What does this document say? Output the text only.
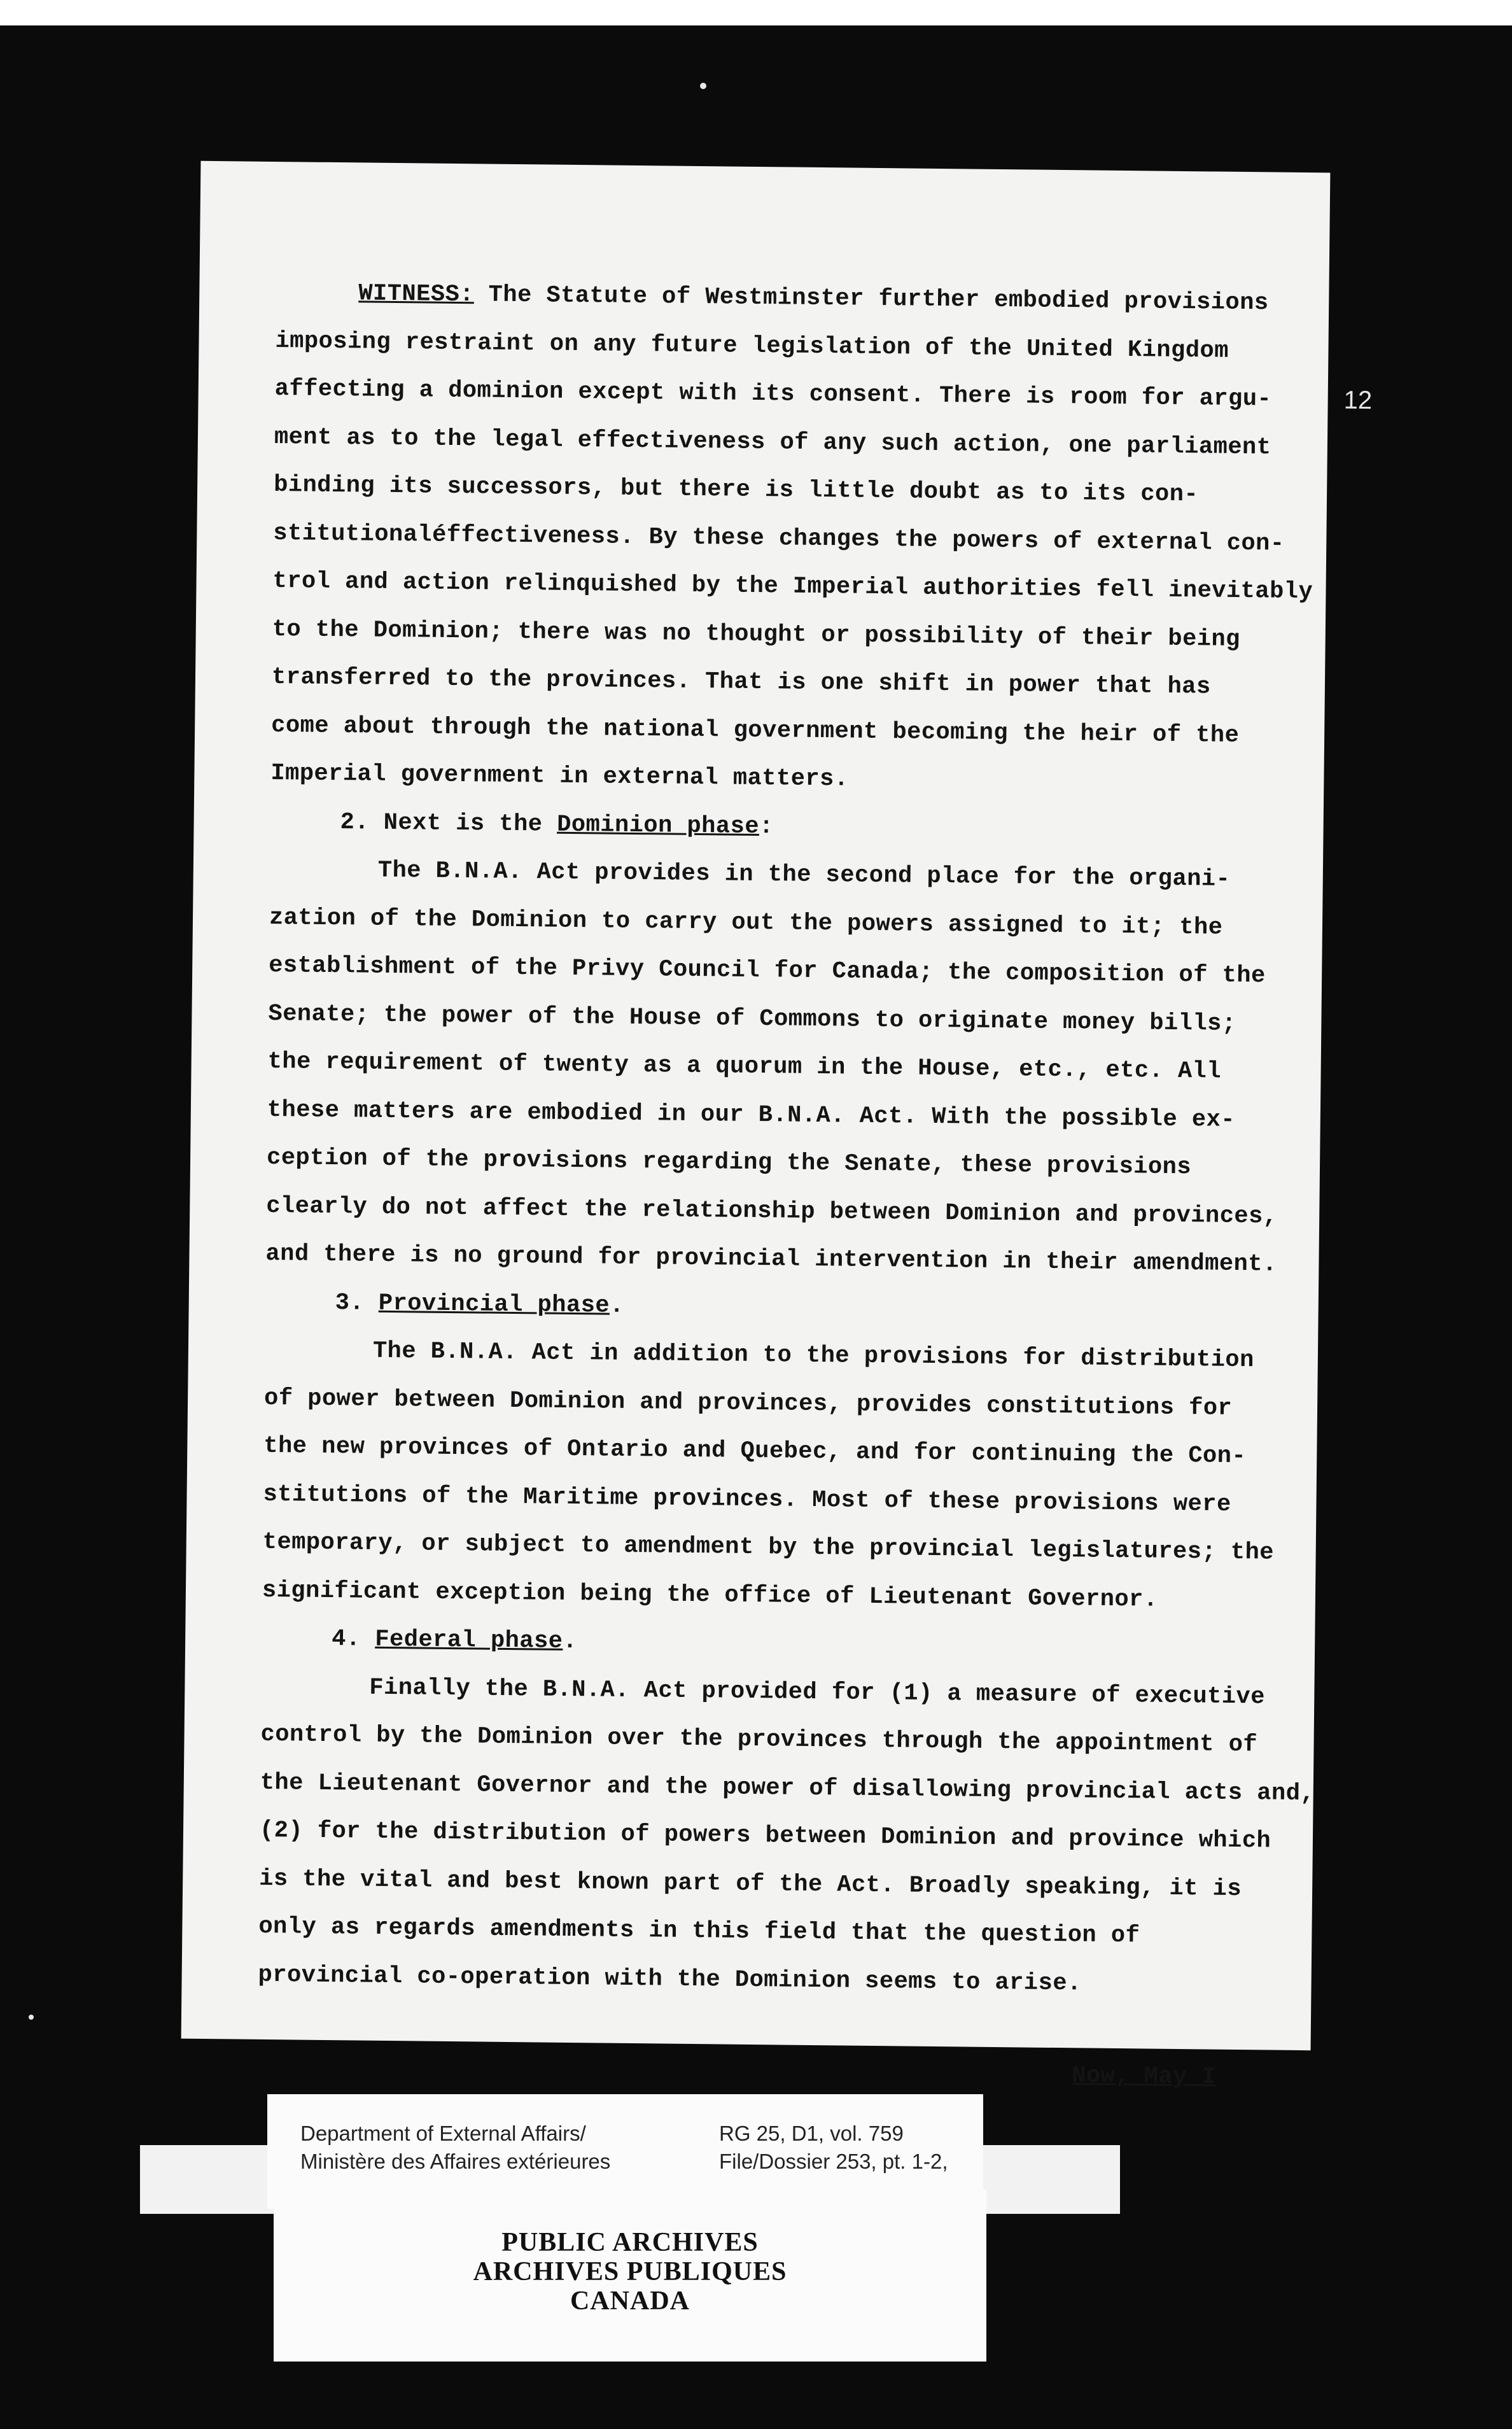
12
WITNESS: The Statute of Westminster further embodied provisions
imposing restraint on any future legislation of the United Kingdom
affecting a dominion except with its consent. There is room for argu-
ment as to the legal effectiveness of any such action, one parliament
binding its successors, but there is little doubt as to its con-
stitutionaléffectiveness. By these changes the powers of external con-
trol and action relinquished by the Imperial authorities fell inevitably
to the Dominion; there was no thought or possibility of their being
transferred to the provinces. That is one shift in power that has
come about through the national government becoming the heir of the
Imperial government in external matters.
2. Next is the Dominion phase:
The B.N.A. Act provides in the second place for the organi-
zation of the Dominion to carry out the powers assigned to it; the
establishment of the Privy Council for Canada; the composition of the
Senate; the power of the House of Commons to originate money bills;
the requirement of twenty as a quorum in the House, etc., etc. All
these matters are embodied in our B.N.A. Act. With the possible ex-
ception of the provisions regarding the Senate, these provisions
clearly do not affect the relationship between Dominion and provinces,
and there is no ground for provincial intervention in their amendment.
3. Provincial phase.
The B.N.A. Act in addition to the provisions for distribution
of power between Dominion and provinces, provides constitutions for
the new provinces of Ontario and Quebec, and for continuing the Con-
stitutions of the Maritime provinces. Most of these provisions were
temporary, or subject to amendment by the provincial legislatures; the
significant exception being the office of Lieutenant Governor.
4. Federal phase.
Finally the B.N.A. Act provided for (1) a measure of executive
control by the Dominion over the provinces through the appointment of
the Lieutenant Governor and the power of disallowing provincial acts and,
(2) for the distribution of powers between Dominion and province which
is the vital and best known part of the Act. Broadly speaking, it is
only as regards amendments in this field that the question of
provincial co-operation with the Dominion seems to arise.
Now, May I
Department of External Affairs/
Ministère des Affaires extérieures
RG 25, D1, vol. 759
File/Dossier 253, pt. 1-2,
PUBLIC ARCHIVES
ARCHIVES PUBLIQUES
CANADA
